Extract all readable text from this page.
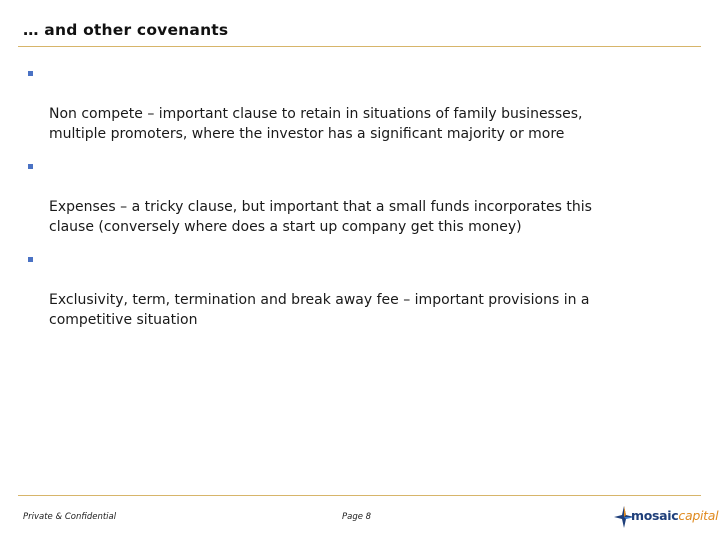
… and other covenants

Non compete – important clause to retain in situations of family businesses,
multiple promoters, where the investor has a significant majority or more

Expenses – a tricky clause, but important that a small funds incorporates this
clause (conversely where does a start up company get this money)

Exclusivity, term, termination and break away fee – important provisions in a
competitive situation

Private & Confidential	Page 8	mosaiccapital
